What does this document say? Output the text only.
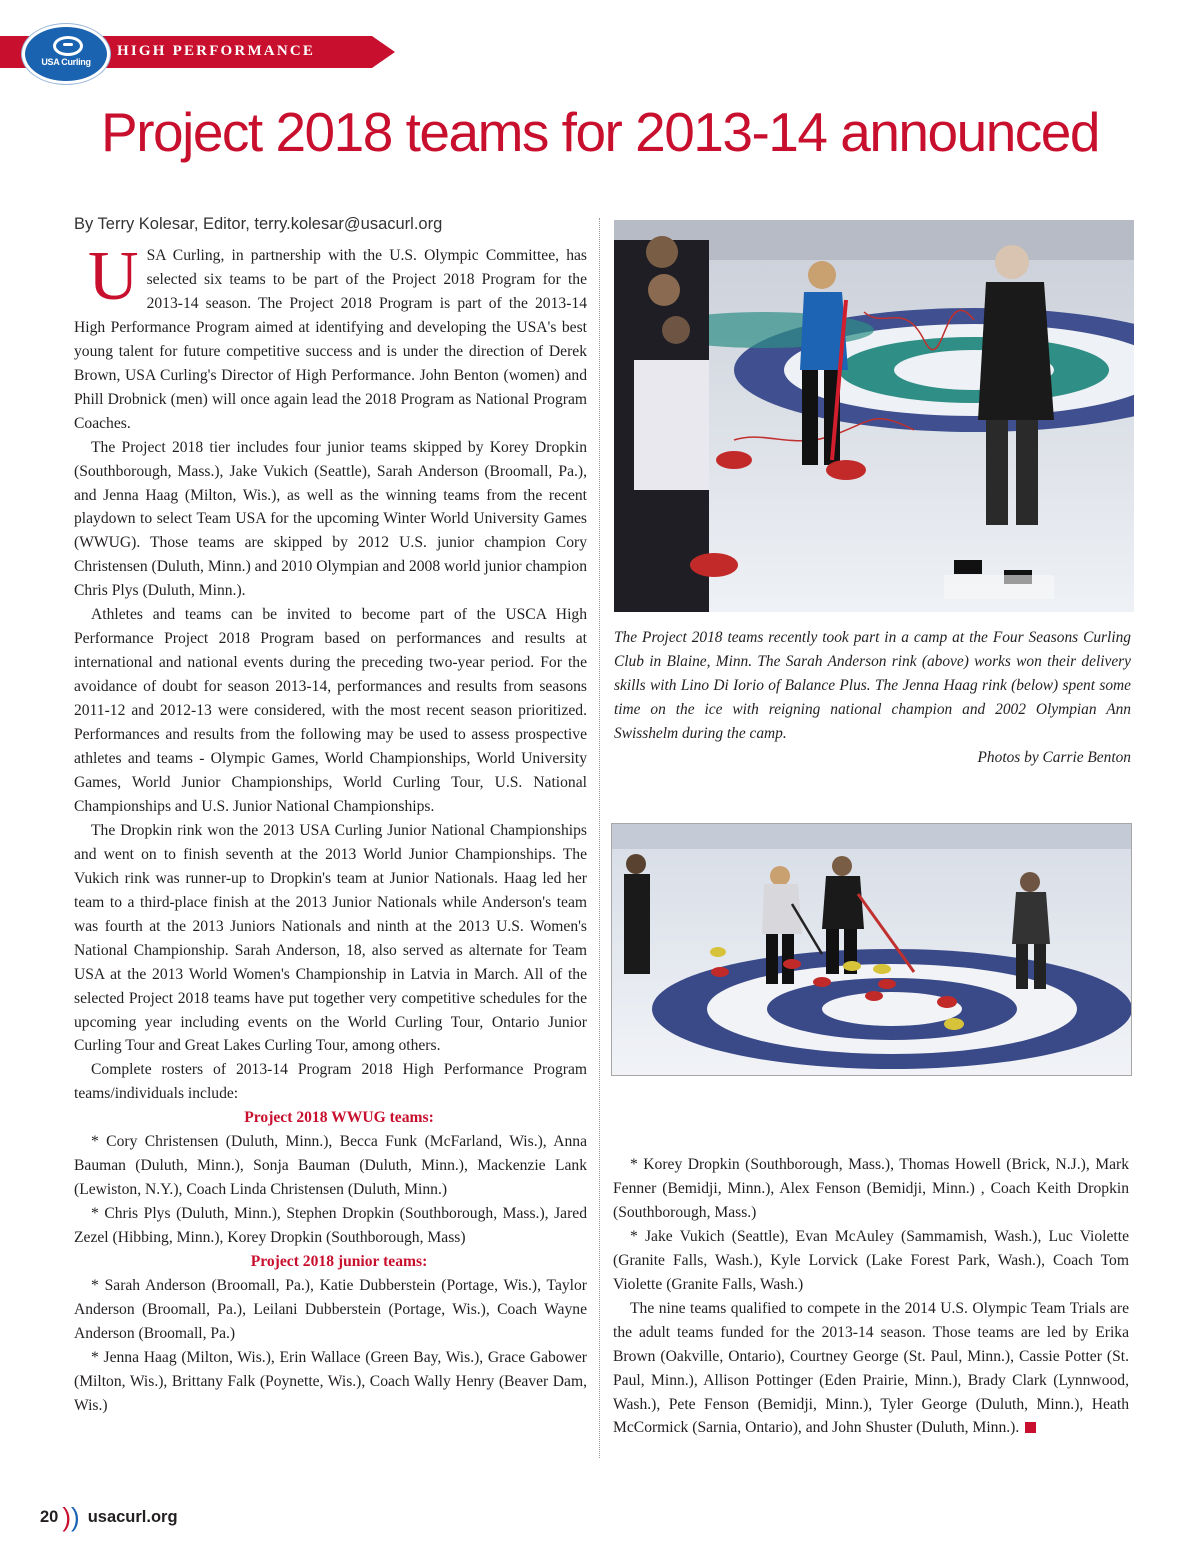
HIGH PERFORMANCE
USA Curling
Project 2018 teams for 2013-14 announced
By Terry Kolesar, Editor, terry.kolesar@usacurl.org

USA Curling, in partnership with the U.S. Olympic Committee, has selected six teams to be part of the Project 2018 Program for the 2013-14 season. The Project 2018 Program is part of the 2013-14 High Performance Program aimed at identifying and developing the USA's best young talent for future competitive success and is under the direction of Derek Brown, USA Curling's Director of High Performance. John Benton (women) and Phill Drobnick (men) will once again lead the 2018 Program as National Program Coaches.

The Project 2018 tier includes four junior teams skipped by Korey Dropkin (Southborough, Mass.), Jake Vukich (Seattle), Sarah Anderson (Broomall, Pa.), and Jenna Haag (Milton, Wis.), as well as the winning teams from the recent playdown to select Team USA for the upcoming Winter World University Games (WWUG). Those teams are skipped by 2012 U.S. junior champion Cory Christensen (Duluth, Minn.) and 2010 Olympian and 2008 world junior champion Chris Plys (Duluth, Minn.).

Athletes and teams can be invited to become part of the USCA High Performance Project 2018 Program based on performances and results at international and national events during the preceding two-year period. For the avoidance of doubt for season 2013-14, performances and results from seasons 2011-12 and 2012-13 were considered, with the most recent season prioritized. Performances and results from the following may be used to assess prospective athletes and teams - Olympic Games, World Championships, World University Games, World Junior Championships, World Curling Tour, U.S. National Championships and U.S. Junior National Championships.

The Dropkin rink won the 2013 USA Curling Junior National Championships and went on to finish seventh at the 2013 World Junior Championships. The Vukich rink was runner-up to Dropkin's team at Junior Nationals. Haag led her team to a third-place finish at the 2013 Junior Nationals while Anderson's team was fourth at the 2013 Juniors Nationals and ninth at the 2013 U.S. Women's National Championship. Sarah Anderson, 18, also served as alternate for Team USA at the 2013 World Women's Championship in Latvia in March. All of the selected Project 2018 teams have put together very competitive schedules for the upcoming year including events on the World Curling Tour, Ontario Junior Curling Tour and Great Lakes Curling Tour, among others.

Complete rosters of 2013-14 Program 2018 High Performance Program teams/individuals include:

Project 2018 WWUG teams:

* Cory Christensen (Duluth, Minn.), Becca Funk (McFarland, Wis.), Anna Bauman (Duluth, Minn.), Sonja Bauman (Duluth, Minn.), Mackenzie Lank (Lewiston, N.Y.), Coach Linda Christensen (Duluth, Minn.)

* Chris Plys (Duluth, Minn.), Stephen Dropkin (Southborough, Mass.), Jared Zezel (Hibbing, Minn.), Korey Dropkin (Southborough, Mass)

Project 2018 junior teams:

* Sarah Anderson (Broomall, Pa.), Katie Dubberstein (Portage, Wis.), Taylor Anderson (Broomall, Pa.), Leilani Dubberstein (Portage, Wis.), Coach Wayne Anderson (Broomall, Pa.)

* Jenna Haag (Milton, Wis.), Erin Wallace (Green Bay, Wis.), Grace Gabower (Milton, Wis.), Brittany Falk (Poynette, Wis.), Coach Wally Henry (Beaver Dam, Wis.)

The Project 2018 teams recently took part in a camp at the Four Seasons Curling Club in Blaine, Minn. The Sarah Anderson rink (above) works won their delivery skills with Lino Di Iorio of Balance Plus. The Jenna Haag rink (below) spent some time on the ice with reigning national champion and 2002 Olympian Ann Swisshelm during the camp.

Photos by Carrie Benton

* Korey Dropkin (Southborough, Mass.), Thomas Howell (Brick, N.J.), Mark Fenner (Bemidji, Minn.), Alex Fenson (Bemidji, Minn.) , Coach Keith Dropkin (Southborough, Mass.)

* Jake Vukich (Seattle), Evan McAuley (Sammamish, Wash.), Luc Violette (Granite Falls, Wash.), Kyle Lorvick (Lake Forest Park, Wash.), Coach Tom Violette (Granite Falls, Wash.)

The nine teams qualified to compete in the 2014 U.S. Olympic Team Trials are the adult teams funded for the 2013-14 season. Those teams are led by Erika Brown (Oakville, Ontario), Courtney George (St. Paul, Minn.), Cassie Potter (St. Paul, Minn.), Allison Pottinger (Eden Prairie, Minn.), Brady Clark (Lynnwood, Wash.), Pete Fenson (Bemidji, Minn.), Tyler George (Duluth, Minn.), Heath McCormick (Sarnia, Ontario), and John Shuster (Duluth, Minn.).

20 ) ) usacurl.org
